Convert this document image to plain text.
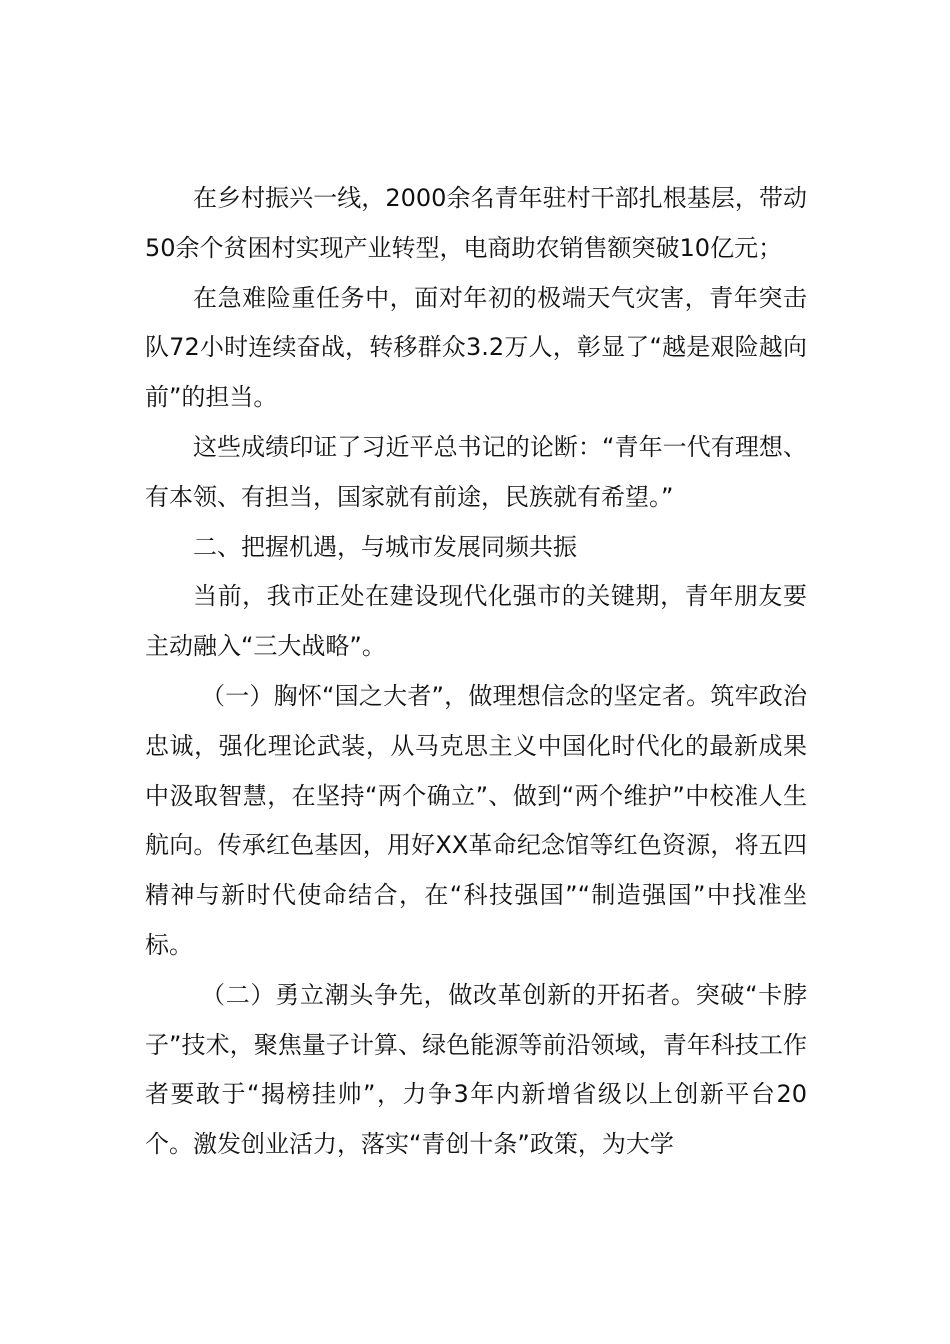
在乡村振兴一线，2000余名青年驻村干部扎根基层，带动50余个贫困村实现产业转型，电商助农销售额突破10亿元；

在急难险重任务中，面对年初的极端天气灾害，青年突击队72小时连续奋战，转移群众3.2万人，彰显了“越是艰险越向前”的担当。

这些成绩印证了习近平总书记的论断：“青年一代有理想、有本领、有担当，国家就有前途，民族就有希望。”

二、把握机遇，与城市发展同频共振

当前，我市正处在建设现代化强市的关键期，青年朋友要主动融入“三大战略”。

（一）胸怀“国之大者”，做理想信念的坚定者。筑牢政治忠诚，强化理论武装，从马克思主义中国化时代化的最新成果中汲取智慧，在坚持“两个确立”、做到“两个维护”中校准人生航向。传承红色基因，用好XX革命纪念馆等红色资源，将五四精神与新时代使命结合，在“科技强国”“制造强国”中找准坐标。

（二）勇立潮头争先，做改革创新的开拓者。突破“卡脖子”技术，聚焦量子计算、绿色能源等前沿领域，青年科技工作者要敢于“揭榜挂帅”，力争3年内新增省级以上创新平台20个。激发创业活力，落实“青创十条”政策，为大学
